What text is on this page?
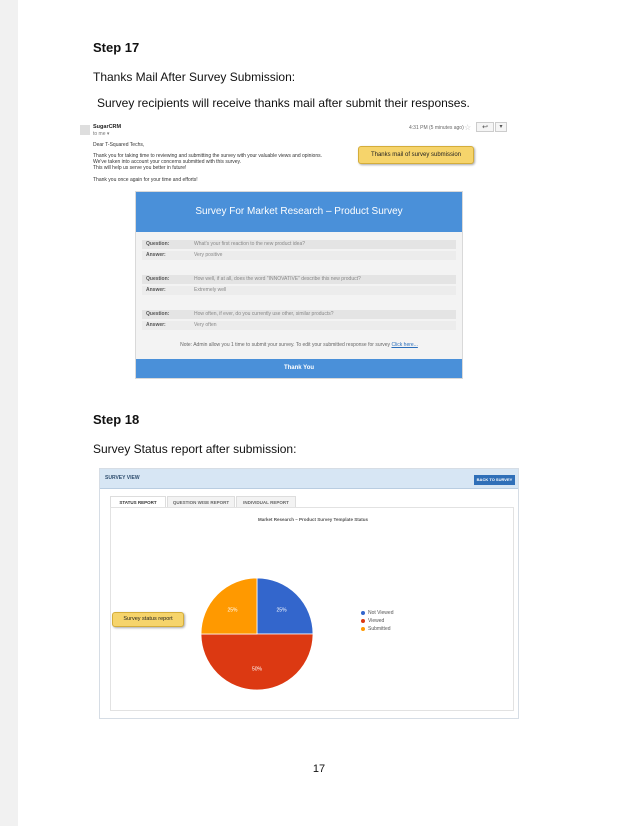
Step 17
Thanks Mail After Survey Submission:
Survey recipients will receive thanks mail after submit their responses.
SugarCRM
to me ▾
4:31 PM (5 minutes ago) ☆	↩	▾
Dear T-Squared Techs,
Thank you for taking time to reviewing and submitting the survey with your valuable views and opinions.
We've taken into account your concerns submitted with this survey.
This will help us serve you better in future!
Thank you once again for your time and efforts!
Thanks mail of survey submission
Survey For Market Research – Product Survey
Question:	What's your first reaction to the new product idea?
Answer:	Very positive
Question:	How well, if at all, does the word "INNOVATIVE" describe this new product?
Answer:	Extremely well
Question:	How often, if ever, do you currently use other, similar products?
Answer:	Very often
Note: Admin allow you 1 time to submit your survey. To edit your submitted response for survey Click here...
Thank You
Step 18
Survey Status report after submission:
SURVEY VIEW	BACK TO SURVEY
STATUS REPORT	QUESTION WISE REPORT	INDIVIDUAL REPORT
Market Research – Product Survey Template Status
Not Viewed
Viewed
Submitted
25%
50%
25%
Survey status report
17
